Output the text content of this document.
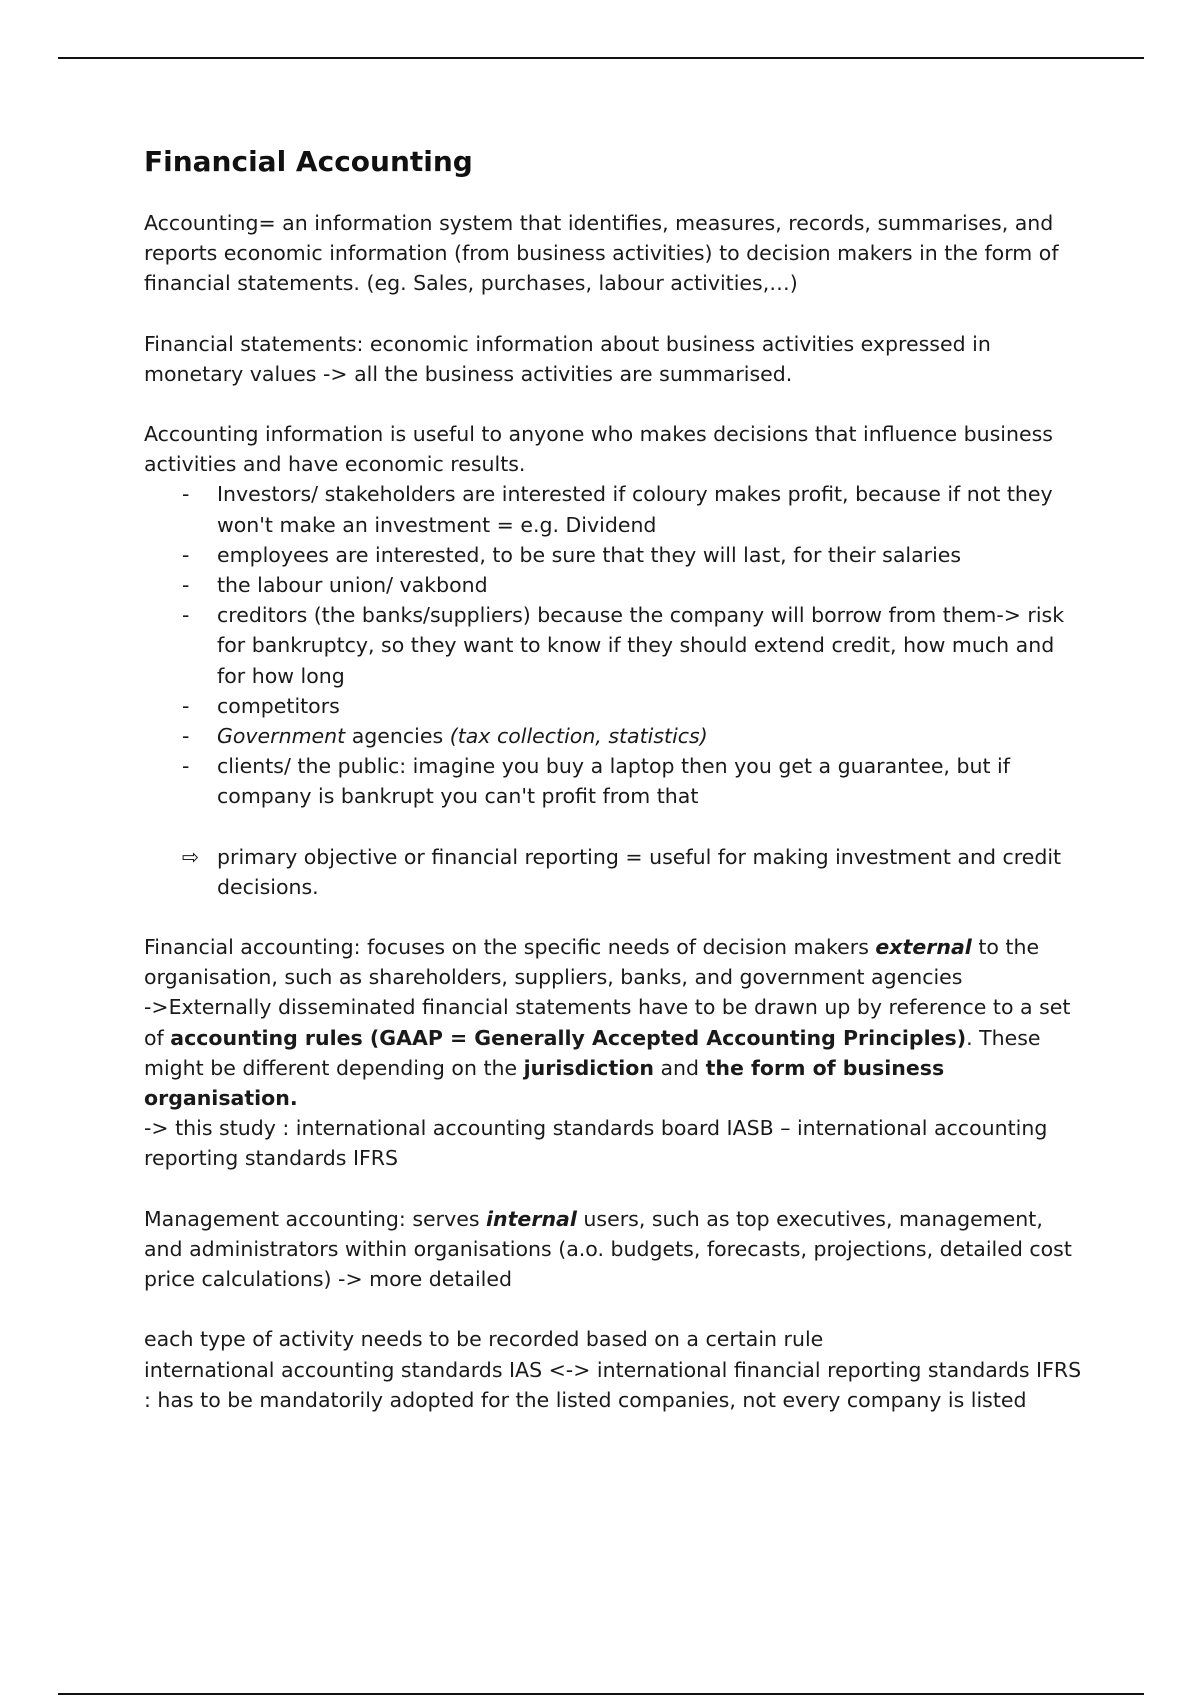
Financial Accounting

Accounting= an information system that identifies, measures, records, summarises, and reports economic information (from business activities) to decision makers in the form of financial statements. (eg. Sales, purchases, labour activities,…)

Financial statements: economic information about business activities expressed in monetary values -> all the business activities are summarised.

Accounting information is useful to anyone who makes decisions that influence business activities and have economic results.

- Investors/ stakeholders are interested if coloury makes profit, because if not they won't make an investment = e.g. Dividend
- employees are interested, to be sure that they will last, for their salaries
- the labour union/ vakbond
- creditors (the banks/suppliers) because the company will borrow from them-> risk for bankruptcy, so they want to know if they should extend credit, how much and for how long
- competitors
- Government agencies (tax collection, statistics)
- clients/ the public: imagine you buy a laptop then you get a guarantee, but if company is bankrupt you can't profit from that
⇨ primary objective or financial reporting = useful for making investment and credit decisions.

Financial accounting: focuses on the specific needs of decision makers external to the organisation, such as shareholders, suppliers, banks, and government agencies
->Externally disseminated financial statements have to be drawn up by reference to a set of accounting rules (GAAP = Generally Accepted Accounting Principles). These might be different depending on the jurisdiction and the form of business organisation.
-> this study : international accounting standards board IASB – international accounting reporting standards IFRS

Management accounting: serves internal users, such as top executives, management, and administrators within organisations (a.o. budgets, forecasts, projections, detailed cost price calculations) -> more detailed

each type of activity needs to be recorded based on a certain rule
international accounting standards IAS <-> international financial reporting standards IFRS : has to be mandatorily adopted for the listed companies, not every company is listed
